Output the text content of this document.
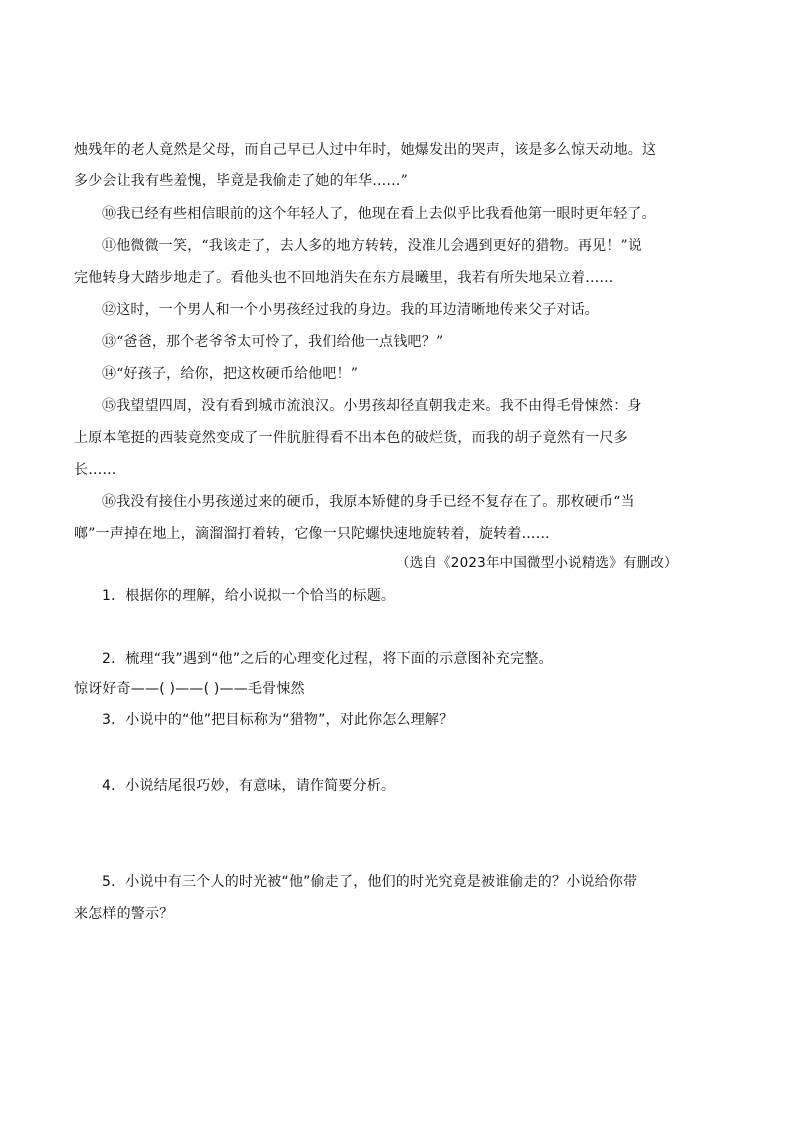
烛残年的老人竟然是父母，而自己早已人过中年时，她爆发出的哭声，该是多么惊天动地。这
多少会让我有些羞愧，毕竟是我偷走了她的年华……”
⑩我已经有些相信眼前的这个年轻人了，他现在看上去似乎比我看他第一眼时更年轻了。
⑪他微微一笑，“我该走了，去人多的地方转转，没准儿会遇到更好的猎物。再见！”说
完他转身大踏步地走了。看他头也不回地消失在东方晨曦里，我若有所失地呆立着……
⑫这时，一个男人和一个小男孩经过我的身边。我的耳边清晰地传来父子对话。
⑬“爸爸，那个老爷爷太可怜了，我们给他一点钱吧？”
⑭“好孩子，给你，把这枚硬币给他吧！”
⑮我望望四周，没有看到城市流浪汉。小男孩却径直朝我走来。我不由得毛骨悚然：身
上原本笔挺的西装竟然变成了一件肮脏得看不出本色的破烂货，而我的胡子竟然有一尺多
长……
⑯我没有接住小男孩递过来的硬币，我原本矫健的身手已经不复存在了。那枚硬币“当
啷”一声掉在地上，滴溜溜打着转，它像一只陀螺快速地旋转着，旋转着……
（选自《2023年中国微型小说精选》有删改）
1．根据你的理解，给小说拟一个恰当的标题。
2．梳理“我”遇到“他”之后的心理变化过程，将下面的示意图补充完整。
惊讶好奇——( )——( )——毛骨悚然
3．小说中的“他”把目标称为“猎物”，对此你怎么理解？
4．小说结尾很巧妙，有意味，请作简要分析。
5．小说中有三个人的时光被“他”偷走了，他们的时光究竟是被谁偷走的？小说给你带
来怎样的警示？
